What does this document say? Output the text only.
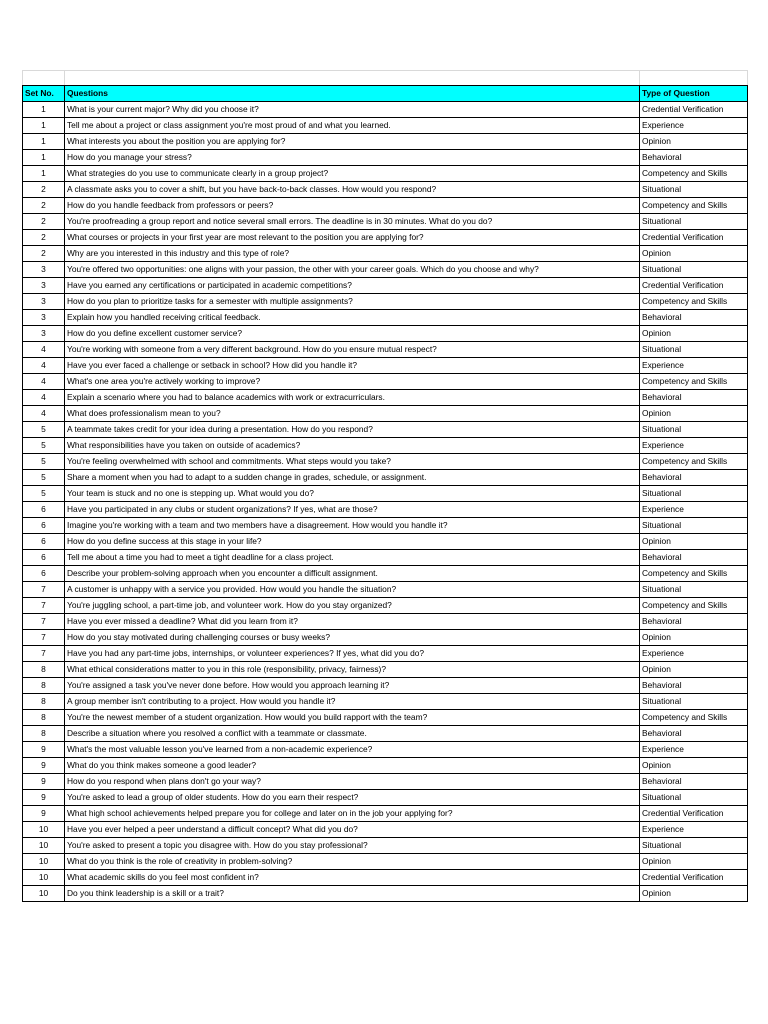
Set No.	Questions	Type of Question
1	What is your current major? Why did you choose it?	Credential Verification
1	Tell me about a project or class assignment you're most proud of and what you learned.	Experience
1	What interests you about the position you are applying for?	Opinion
1	How do you manage your stress?	Behavioral
1	What strategies do you use to communicate clearly in a group project?	Competency and Skills
2	A classmate asks you to cover a shift, but you have back-to-back classes. How would you respond?	Situational
2	How do you handle feedback from professors or peers?	Competency and Skills
2	You're proofreading a group report and notice several small errors. The deadline is in 30 minutes. What do you do?	Situational
2	What courses or projects in your first year are most relevant to the position you are applying for?	Credential Verification
2	Why are you interested in this industry and this type of role?	Opinion
3	You're offered two opportunities: one aligns with your passion, the other with your career goals. Which do you choose and why?	Situational
3	Have you earned any certifications or participated in academic competitions?	Credential Verification
3	How do you plan to prioritize tasks for a semester with multiple assignments?	Competency and Skills
3	Explain how you handled receiving critical feedback.	Behavioral
3	How do you define excellent customer service?	Opinion
4	You're working with someone from a very different background. How do you ensure mutual respect?	Situational
4	Have you ever faced a challenge or setback in school? How did you handle it?	Experience
4	What's one area you're actively working to improve?	Competency and Skills
4	Explain a scenario where you had to balance academics with work or extracurriculars.	Behavioral
4	What does professionalism mean to you?	Opinion
5	A teammate takes credit for your idea during a presentation. How do you respond?	Situational
5	What responsibilities have you taken on outside of academics?	Experience
5	You're feeling overwhelmed with school and commitments. What steps would you take?	Competency and Skills
5	Share a moment when you had to adapt to a sudden change in grades, schedule, or assignment.	Behavioral
5	Your team is stuck and no one is stepping up. What would you do?	Situational
6	Have you participated in any clubs or student organizations? If yes, what are those?	Experience
6	Imagine you're working with a team and two members have a disagreement. How would you handle it?	Situational
6	How do you define success at this stage in your life?	Opinion
6	Tell me about a time you had to meet a tight deadline for a class project.	Behavioral
6	Describe your problem-solving approach when you encounter a difficult assignment.	Competency and Skills
7	A customer is unhappy with a service you provided. How would you handle the situation?	Situational
7	You're juggling school, a part-time job, and volunteer work. How do you stay organized?	Competency and Skills
7	Have you ever missed a deadline? What did you learn from it?	Behavioral
7	How do you stay motivated during challenging courses or busy weeks?	Opinion
7	Have you had any part-time jobs, internships, or volunteer experiences? If yes, what did you do?	Experience
8	What ethical considerations matter to you in this role (responsibility, privacy, fairness)?	Opinion
8	You're assigned a task you've never done before. How would you approach learning it?	Behavioral
8	A group member isn't contributing to a project. How would you handle it?	Situational
8	You're the newest member of a student organization. How would you build rapport with the team?	Competency and Skills
8	Describe a situation where you resolved a conflict with a teammate or classmate.	Behavioral
9	What's the most valuable lesson you've learned from a non-academic experience?	Experience
9	What do you think makes someone a good leader?	Opinion
9	How do you respond when plans don't go your way?	Behavioral
9	You're asked to lead a group of older students. How do you earn their respect?	Situational
9	What high school achievements helped prepare you for college and later on in the job your applying for?	Credential Verification
10	Have you ever helped a peer understand a difficult concept? What did you do?	Experience
10	You're asked to present a topic you disagree with. How do you stay professional?	Situational
10	What do you think is the role of creativity in problem-solving?	Opinion
10	What academic skills do you feel most confident in?	Credential Verification
10	Do you think leadership is a skill or a trait?	Opinion
